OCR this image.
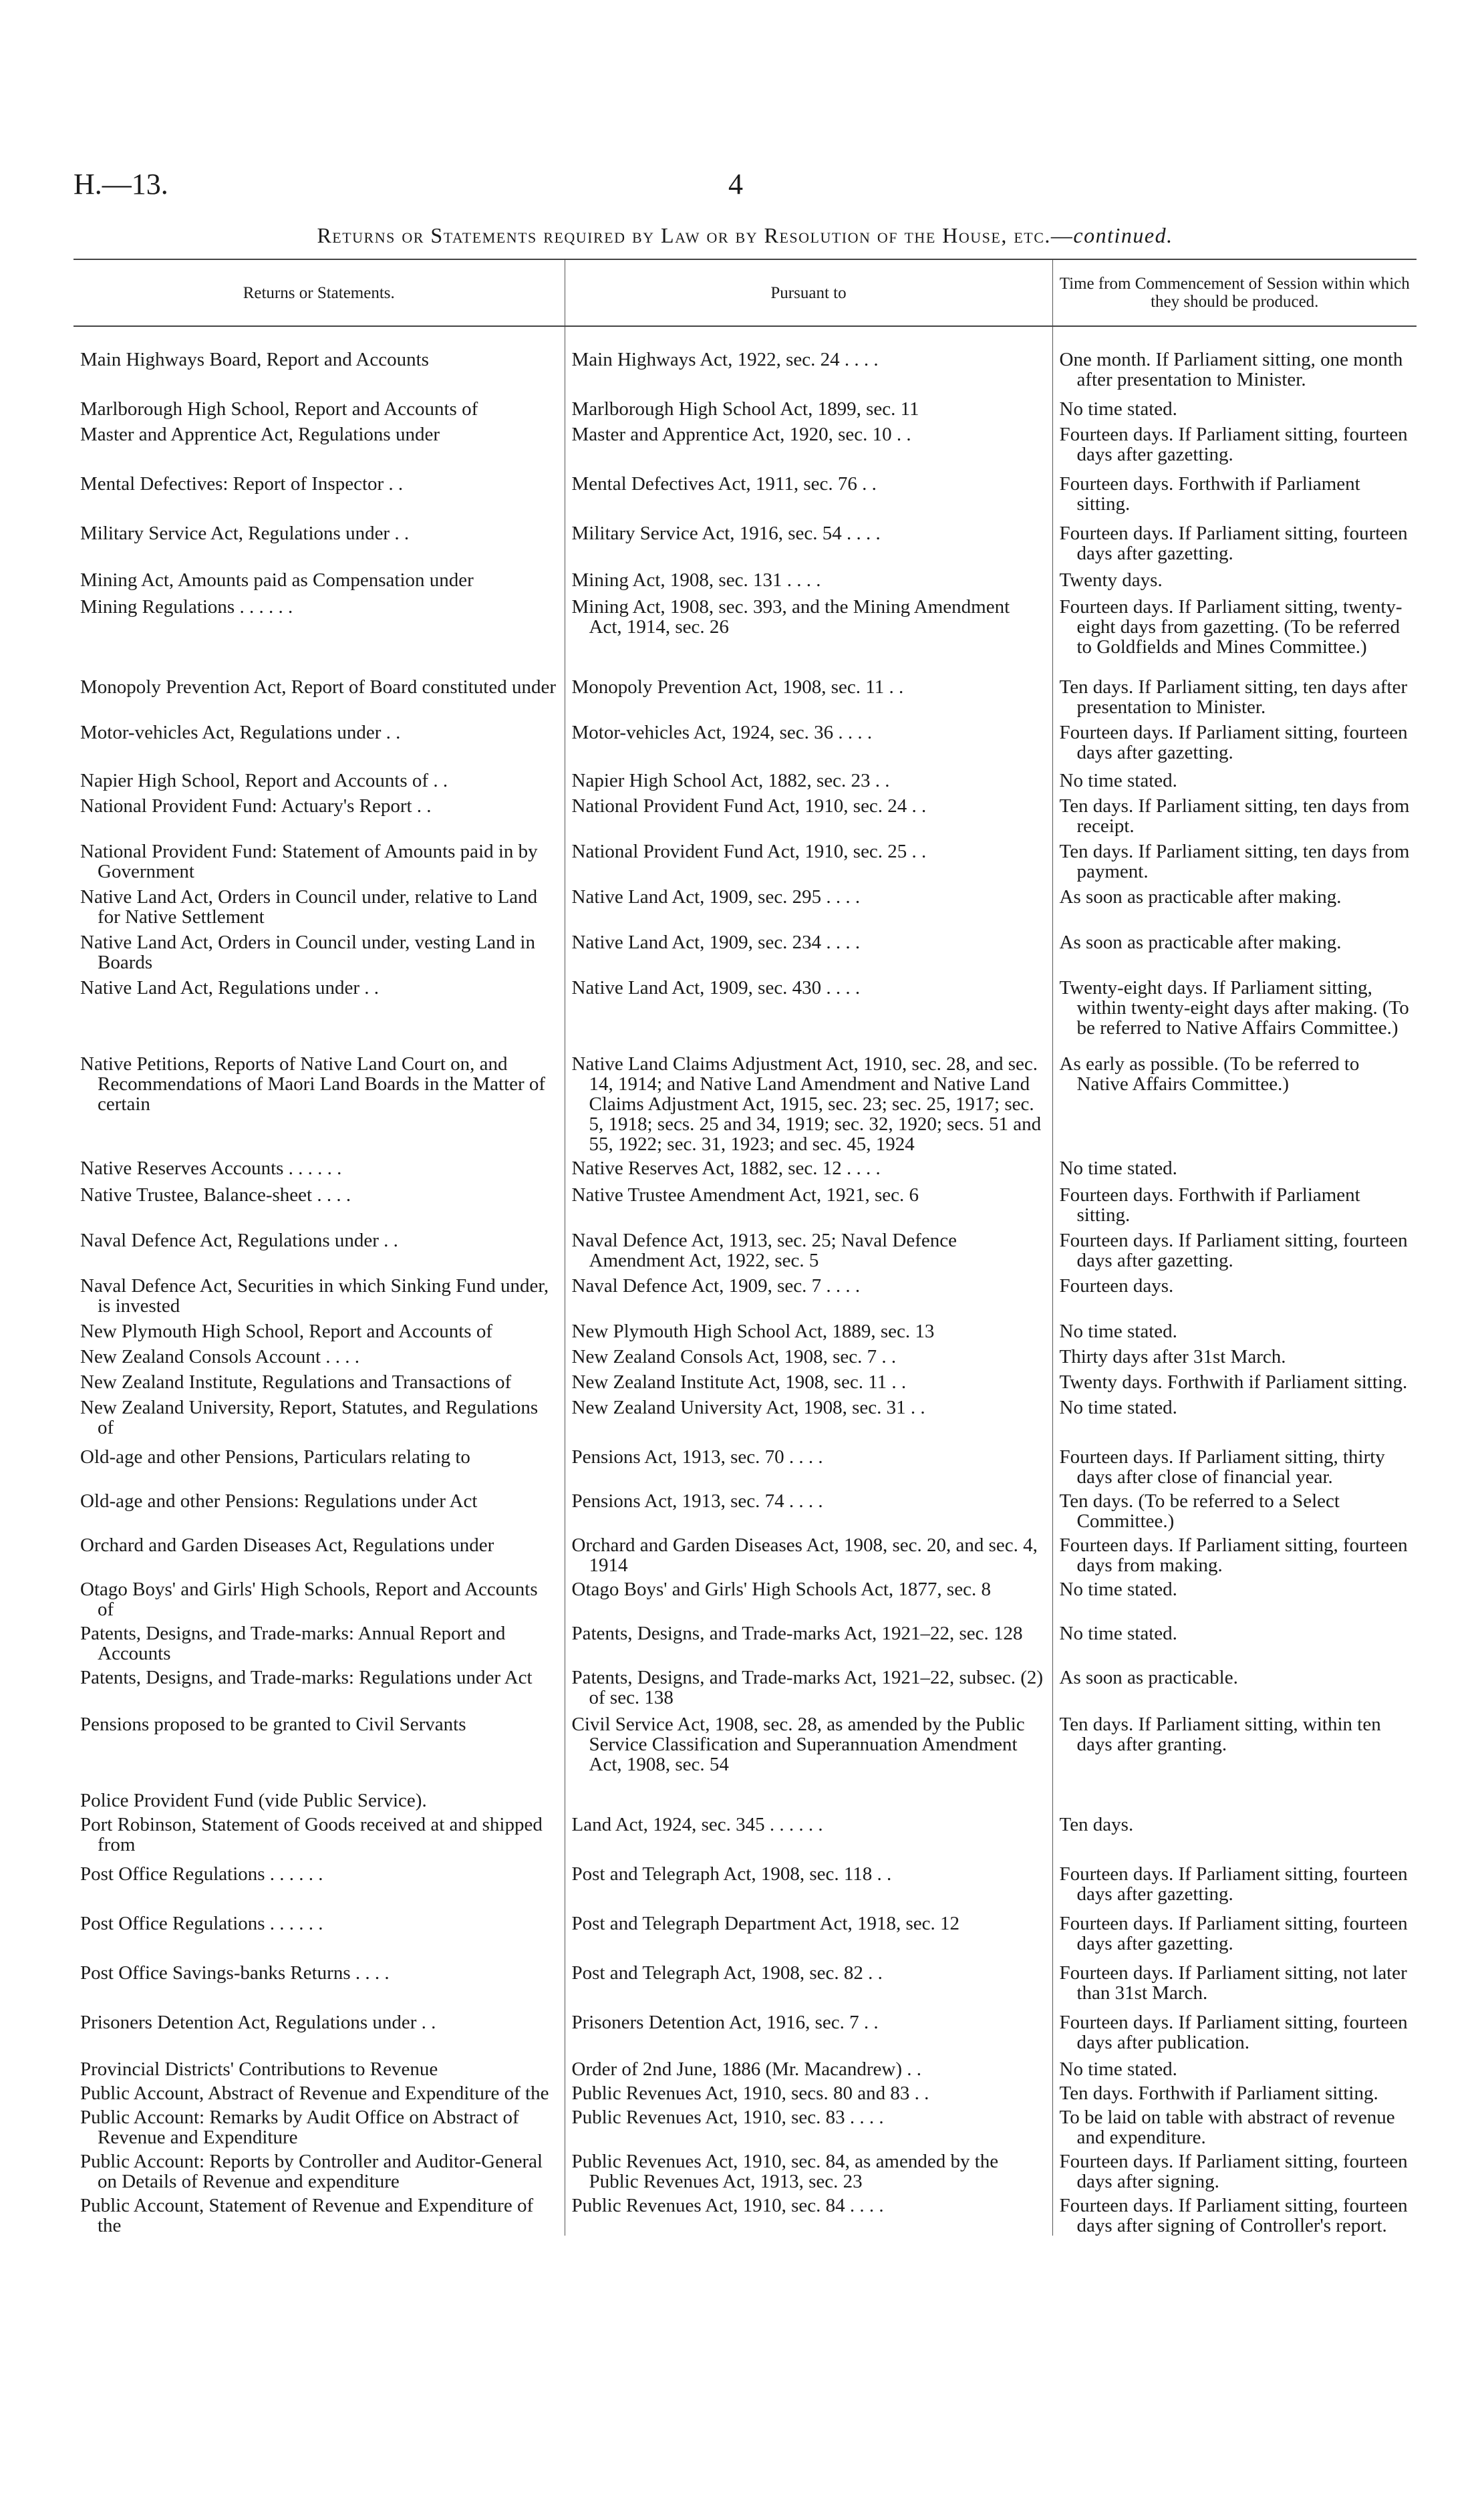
H.—13.	4
Returns or Statements required by Law or by Resolution of the House, etc.—continued.
Returns or Statements.	Pursuant to	Time from Commencement of Session within which they should be produced.

Main Highways Board, Report and Accounts	Main Highways Act, 1922, sec. 24 . . . .	One month. If Parliament sitting, one month after presentation to Minister.

Marlborough High School, Report and Accounts of	Marlborough High School Act, 1899, sec. 11	No time stated.

Master and Apprentice Act, Regulations under	Master and Apprentice Act, 1920, sec. 10 . .	Fourteen days. If Parliament sitting, fourteen days after gazetting.

Mental Defectives: Report of Inspector . .	Mental Defectives Act, 1911, sec. 76 . .	Fourteen days. Forthwith if Parliament sitting.

Military Service Act, Regulations under . .	Military Service Act, 1916, sec. 54 . . . .	Fourteen days. If Parliament sitting, fourteen days after gazetting.

Mining Act, Amounts paid as Compensation under	Mining Act, 1908, sec. 131 . . . .	Twenty days.

Mining Regulations . . . . . .	Mining Act, 1908, sec. 393, and the Mining Amendment Act, 1914, sec. 26	Fourteen days. If Parliament sitting, twenty-eight days from gazetting. (To be referred to Goldfields and Mines Committee.)

Monopoly Prevention Act, Report of Board constituted under	Monopoly Prevention Act, 1908, sec. 11 . .	Ten days. If Parliament sitting, ten days after presentation to Minister.

Motor-vehicles Act, Regulations under . .	Motor-vehicles Act, 1924, sec. 36 . . . .	Fourteen days. If Parliament sitting, fourteen days after gazetting.

Napier High School, Report and Accounts of . .	Napier High School Act, 1882, sec. 23 . .	No time stated.

National Provident Fund: Actuary's Report . .	National Provident Fund Act, 1910, sec. 24 . .	Ten days. If Parliament sitting, ten days from receipt.

National Provident Fund: Statement of Amounts paid in by Government	National Provident Fund Act, 1910, sec. 25 . .	Ten days. If Parliament sitting, ten days from payment.

Native Land Act, Orders in Council under, relative to Land for Native Settlement	Native Land Act, 1909, sec. 295 . . . .	As soon as practicable after making.

Native Land Act, Orders in Council under, vesting Land in Boards	Native Land Act, 1909, sec. 234 . . . .	As soon as practicable after making.

Native Land Act, Regulations under . .	Native Land Act, 1909, sec. 430 . . . .	Twenty-eight days. If Parliament sitting, within twenty-eight days after making. (To be referred to Native Affairs Committee.)

Native Petitions, Reports of Native Land Court on, and Recommendations of Maori Land Boards in the Matter of certain	Native Land Claims Adjustment Act, 1910, sec. 28, and sec. 14, 1914; and Native Land Amendment and Native Land Claims Adjustment Act, 1915, sec. 23; sec. 25, 1917; sec. 5, 1918; secs. 25 and 34, 1919; sec. 32, 1920; secs. 51 and 55, 1922; sec. 31, 1923; and sec. 45, 1924	As early as possible. (To be referred to Native Affairs Committee.)

Native Reserves Accounts . . . . . .	Native Reserves Act, 1882, sec. 12 . . . .	No time stated.

Native Trustee, Balance-sheet . . . .	Native Trustee Amendment Act, 1921, sec. 6	Fourteen days. Forthwith if Parliament sitting.

Naval Defence Act, Regulations under . .	Naval Defence Act, 1913, sec. 25; Naval Defence Amendment Act, 1922, sec. 5	Fourteen days. If Parliament sitting, fourteen days after gazetting.

Naval Defence Act, Securities in which Sinking Fund under, is invested	Naval Defence Act, 1909, sec. 7 . . . .	Fourteen days.

New Plymouth High School, Report and Accounts of	New Plymouth High School Act, 1889, sec. 13	No time stated.

New Zealand Consols Account . . . .	New Zealand Consols Act, 1908, sec. 7 . .	Thirty days after 31st March.

New Zealand Institute, Regulations and Transactions of	New Zealand Institute Act, 1908, sec. 11 . .	Twenty days. Forthwith if Parliament sitting.

New Zealand University, Report, Statutes, and Regulations of	New Zealand University Act, 1908, sec. 31 . .	No time stated.

Old-age and other Pensions, Particulars relating to	Pensions Act, 1913, sec. 70 . . . .	Fourteen days. If Parliament sitting, thirty days after close of financial year.

Old-age and other Pensions: Regulations under Act	Pensions Act, 1913, sec. 74 . . . .	Ten days. (To be referred to a Select Committee.)

Orchard and Garden Diseases Act, Regulations under	Orchard and Garden Diseases Act, 1908, sec. 20, and sec. 4, 1914	Fourteen days. If Parliament sitting, fourteen days from making.

Otago Boys' and Girls' High Schools, Report and Accounts of	Otago Boys' and Girls' High Schools Act, 1877, sec. 8	No time stated.

Patents, Designs, and Trade-marks: Annual Report and Accounts	Patents, Designs, and Trade-marks Act, 1921–22, sec. 128	No time stated.

Patents, Designs, and Trade-marks: Regulations under Act	Patents, Designs, and Trade-marks Act, 1921–22, subsec. (2) of sec. 138	As soon as practicable.

Pensions proposed to be granted to Civil Servants	Civil Service Act, 1908, sec. 28, as amended by the Public Service Classification and Superannuation Amendment Act, 1908, sec. 54	Ten days. If Parliament sitting, within ten days after granting.

Police Provident Fund (vide Public Service).		

Port Robinson, Statement of Goods received at and shipped from	Land Act, 1924, sec. 345 . . . . . .	Ten days.

Post Office Regulations . . . . . .	Post and Telegraph Act, 1908, sec. 118 . .	Fourteen days. If Parliament sitting, fourteen days after gazetting.

Post Office Regulations . . . . . .	Post and Telegraph Department Act, 1918, sec. 12	Fourteen days. If Parliament sitting, fourteen days after gazetting.

Post Office Savings-banks Returns . . . .	Post and Telegraph Act, 1908, sec. 82 . .	Fourteen days. If Parliament sitting, not later than 31st March.

Prisoners Detention Act, Regulations under . .	Prisoners Detention Act, 1916, sec. 7 . .	Fourteen days. If Parliament sitting, fourteen days after publication.

Provincial Districts' Contributions to Revenue	Order of 2nd June, 1886 (Mr. Macandrew) . .	No time stated.

Public Account, Abstract of Revenue and Expenditure of the	Public Revenues Act, 1910, secs. 80 and 83 . .	Ten days. Forthwith if Parliament sitting.

Public Account: Remarks by Audit Office on Abstract of Revenue and Expenditure	Public Revenues Act, 1910, sec. 83 . . . .	To be laid on table with abstract of revenue and expenditure.

Public Account: Reports by Controller and Auditor-General on Details of Revenue and expenditure	Public Revenues Act, 1910, sec. 84, as amended by the Public Revenues Act, 1913, sec. 23	Fourteen days. If Parliament sitting, fourteen days after signing.

Public Account, Statement of Revenue and Expenditure of the	Public Revenues Act, 1910, sec. 84 . . . .	Fourteen days. If Parliament sitting, fourteen days after signing of Controller's report.
